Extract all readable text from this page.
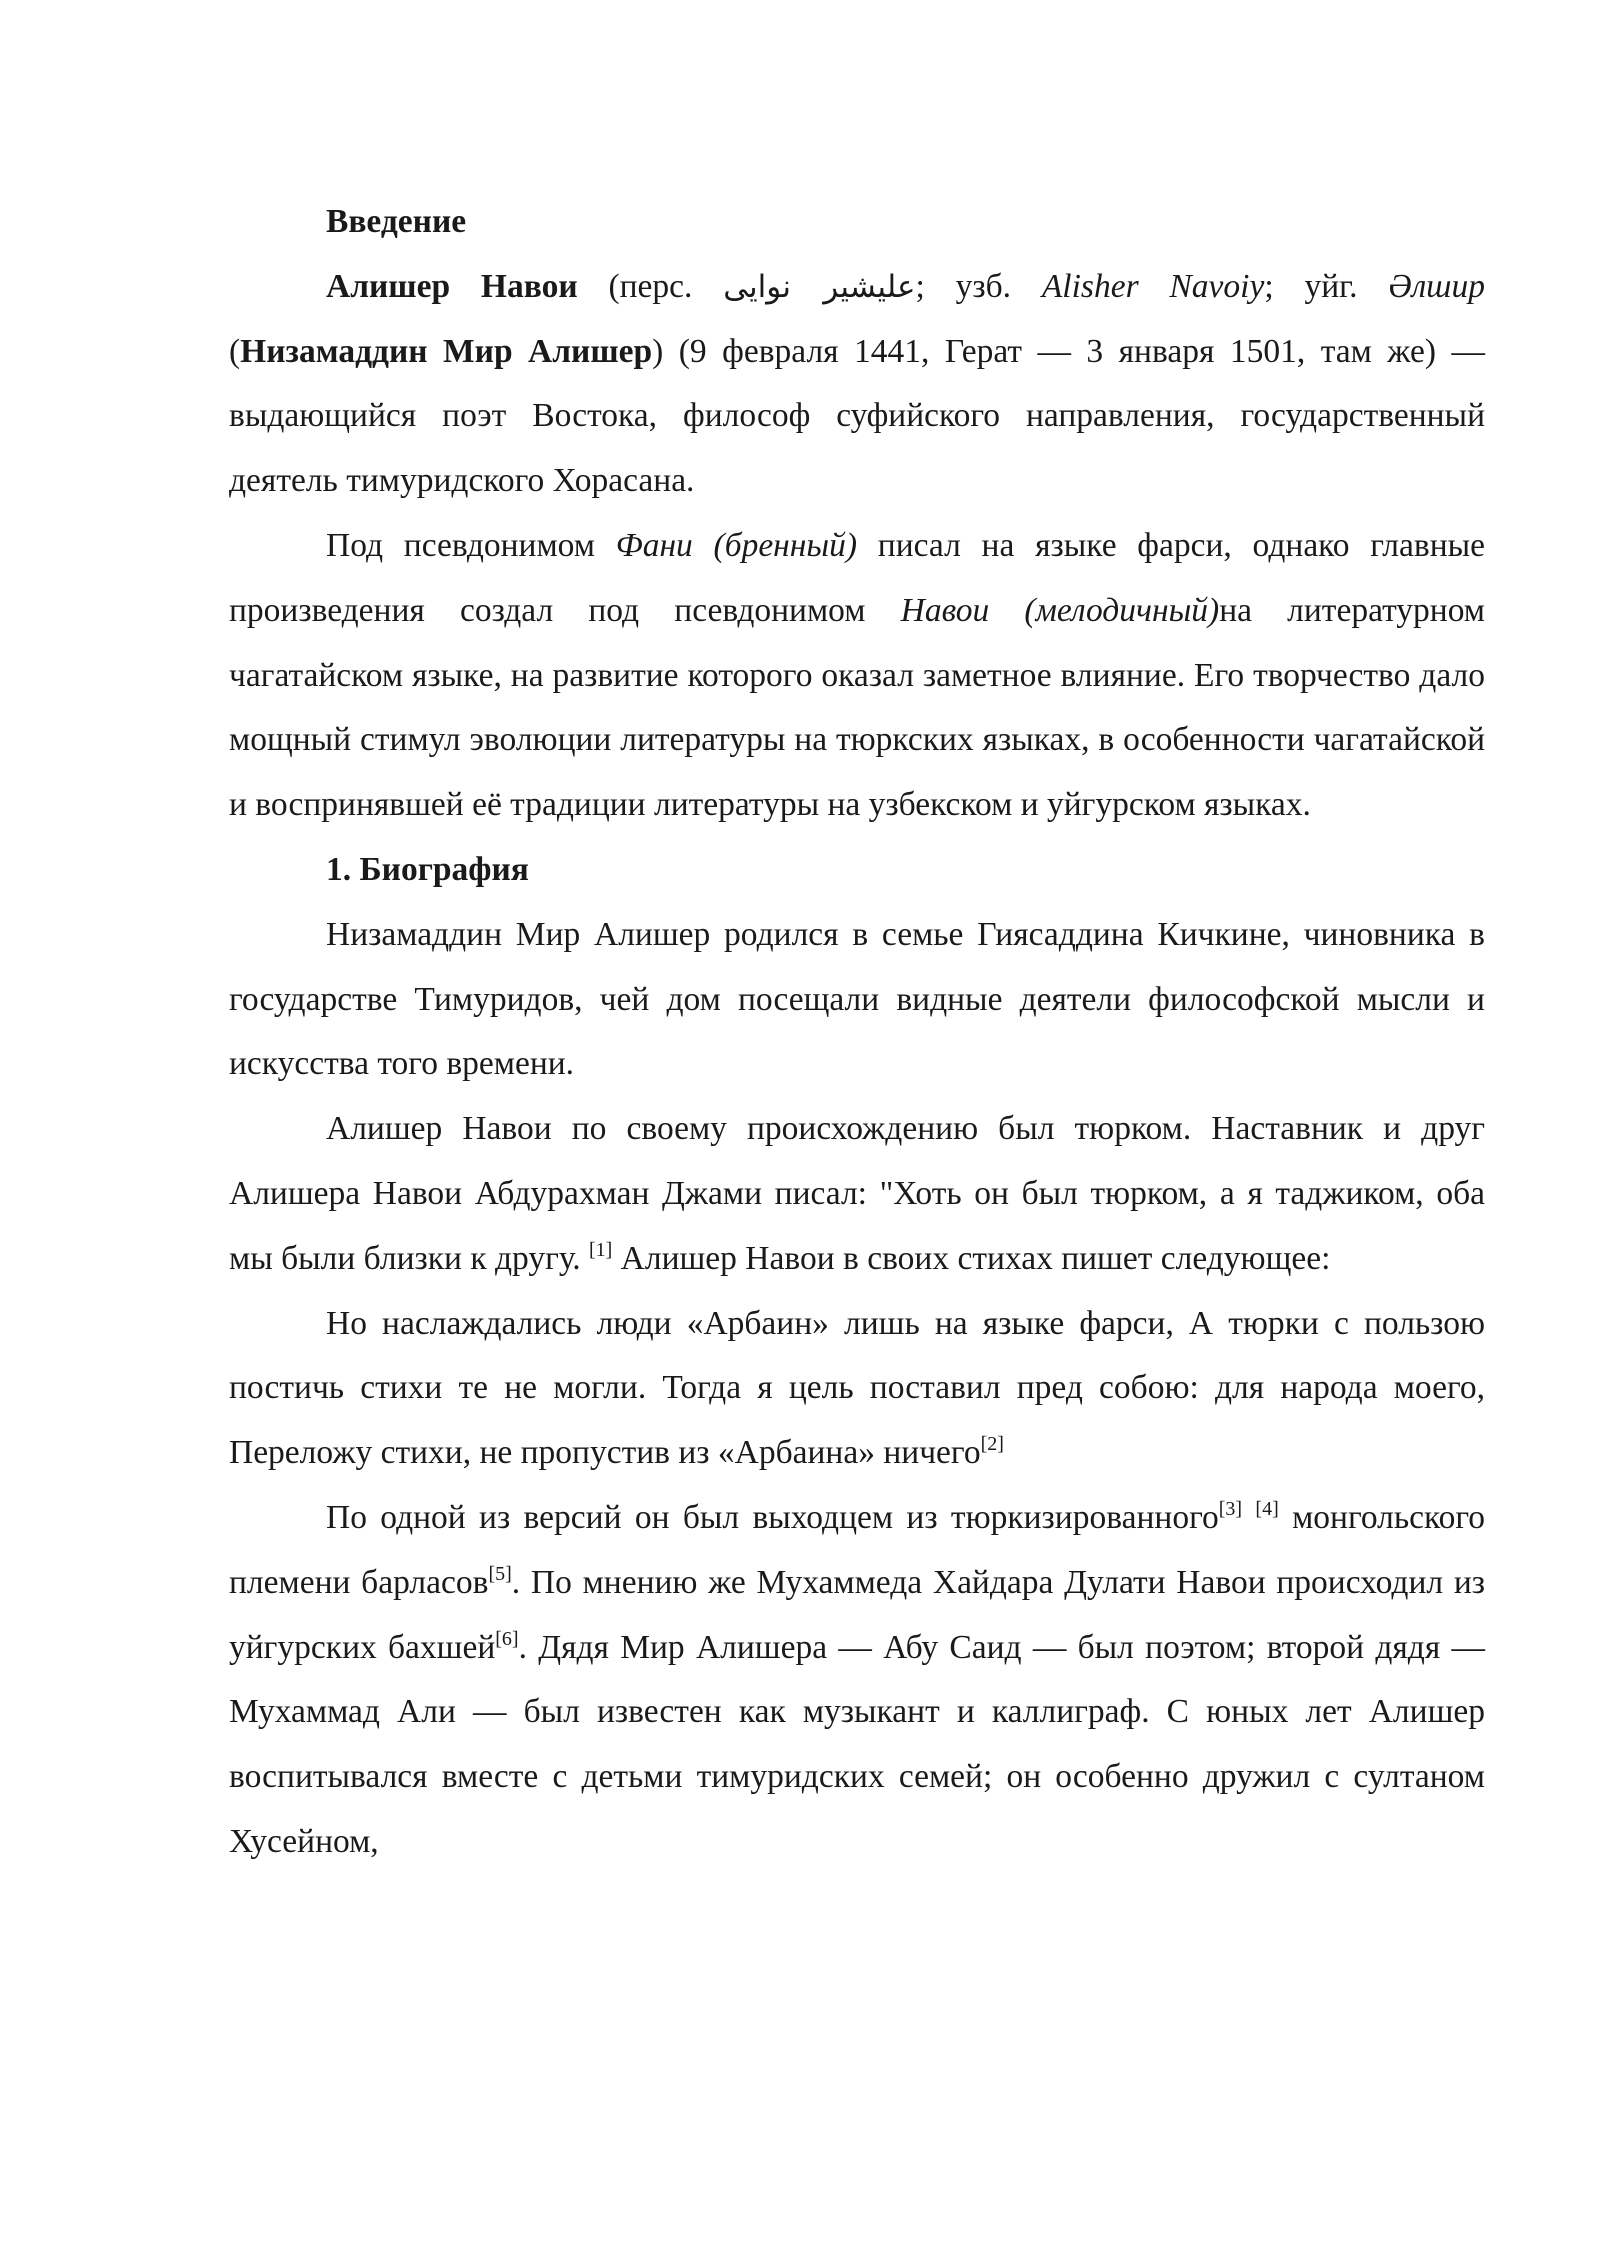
Введение

Алишер Навои (перс. علیشیر نوایی; узб. Alisher Navoiy; уйг. Әлшир (Низамаддин Мир Алишер) (9 февраля 1441, Герат — 3 января 1501, там же) — выдающийся поэт Востока, философ суфийского направления, государственный деятель тимуридского Хорасана.

Под псевдонимом Фани (бренный) писал на языке фарси, однако главные произведения создал под псевдонимом Навои (мелодичный)на литературном чагатайском языке, на развитие которого оказал заметное влияние. Его творчество дало мощный стимул эволюции литературы на тюркских языках, в особенности чагатайской и воспринявшей её традиции литературы на узбекском и уйгурском языках.

1. Биография

Низамаддин Мир Алишер родился в семье Гиясаддина Кичкине, чиновника в государстве Тимуридов, чей дом посещали видные деятели философской мысли и искусства того времени.

Алишер Навои по своему происхождению был тюрком. Наставник и друг Алишера Навои Абдурахман Джами писал: "Хоть он был тюрком, а я таджиком, оба мы были близки к другу. [1] Алишер Навои в своих стихах пишет следующее:

Но наслаждались люди «Арбаин» лишь на языке фарси, А тюрки с пользою постичь стихи те не могли. Тогда я цель поставил пред собою: для народа моего, Переложу стихи, не пропустив из «Арбаина» ничего[2]

По одной из версий он был выходцем из тюркизированного[3] [4] монгольского племени барласов[5]. По мнению же Мухаммеда Хайдара Дулати Навои происходил из уйгурских бахшей[6]. Дядя Мир Алишера — Абу Саид — был поэтом; второй дядя — Мухаммад Али — был известен как музыкант и каллиграф. С юных лет Алишер воспитывался вместе с детьми тимуридских семей; он особенно дружил с султаном Хусейном,
